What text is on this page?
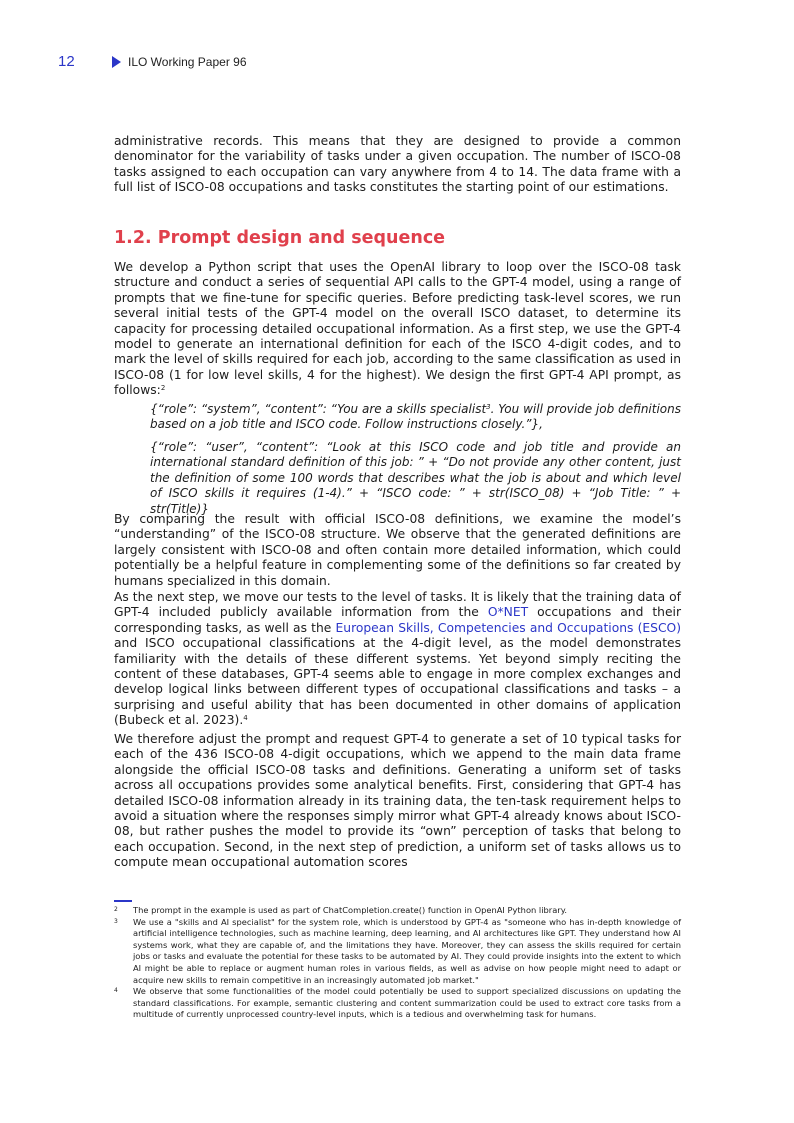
12	ILO Working Paper 96

administrative records. This means that they are designed to provide a common denominator for the variability of tasks under a given occupation. The number of ISCO-08 tasks assigned to each occupation can vary anywhere from 4 to 14. The data frame with a full list of ISCO-08 occupations and tasks constitutes the starting point of our estimations.

1.2. Prompt design and sequence

We develop a Python script that uses the OpenAI library to loop over the ISCO-08 task structure and conduct a series of sequential API calls to the GPT-4 model, using a range of prompts that we fine-tune for specific queries. Before predicting task-level scores, we run several initial tests of the GPT-4 model on the overall ISCO dataset, to determine its capacity for processing detailed occupational information. As a first step, we use the GPT-4 model to generate an international definition for each of the ISCO 4-digit codes, and to mark the level of skills required for each job, according to the same classification as used in ISCO-08 (1 for low level skills, 4 for the highest). We design the first GPT-4 API prompt, as follows:$^2$

{“role”: “system”, “content”: “You are a skills specialist$^3$. You will provide job definitions based on a job title and ISCO code. Follow instructions closely.”},

{“role”: “user”, “content”: “Look at this ISCO code and job title and provide an international standard definition of this job: ” + “Do not provide any other content, just the definition of some 100 words that describes what the job is about and which level of ISCO skills it requires (1-4).” + “ISCO code: ” + str(ISCO_08) + “Job Title: ” + str(Title)}

By comparing the result with official ISCO-08 definitions, we examine the model’s “understanding” of the ISCO-08 structure. We observe that the generated definitions are largely consistent with ISCO-08 and often contain more detailed information, which could potentially be a helpful feature in complementing some of the definitions so far created by humans specialized in this domain.

As the next step, we move our tests to the level of tasks. It is likely that the training data of GPT-4 included publicly available information from the O*NET occupations and their corresponding tasks, as well as the European Skills, Competencies and Occupations (ESCO) and ISCO occupational classifications at the 4-digit level, as the model demonstrates familiarity with the details of these different systems. Yet beyond simply reciting the content of these databases, GPT-4 seems able to engage in more complex exchanges and develop logical links between different types of occupational classifications and tasks – a surprising and useful ability that has been documented in other domains of application (Bubeck et al. 2023).$^4$

We therefore adjust the prompt and request GPT-4 to generate a set of 10 typical tasks for each of the 436 ISCO-08 4-digit occupations, which we append to the main data frame alongside the official ISCO-08 tasks and definitions. Generating a uniform set of tasks across all occupations provides some analytical benefits. First, considering that GPT-4 has detailed ISCO-08 information already in its training data, the ten-task requirement helps to avoid a situation where the responses simply mirror what GPT-4 already knows about ISCO-08, but rather pushes the model to provide its “own” perception of tasks that belong to each occupation. Second, in the next step of prediction, a uniform set of tasks allows us to compute mean occupational automation scores

2	The prompt in the example is used as part of ChatCompletion.create() function in OpenAI Python library.
3	We use a "skills and AI specialist" for the system role, which is understood by GPT-4 as "someone who has in-depth knowledge of artificial intelligence technologies, such as machine learning, deep learning, and AI architectures like GPT. They understand how AI systems work, what they are capable of, and the limitations they have. Moreover, they can assess the skills required for certain jobs or tasks and evaluate the potential for these tasks to be automated by AI. They could provide insights into the extent to which AI might be able to replace or augment human roles in various fields, as well as advise on how people might need to adapt or acquire new skills to remain competitive in an increasingly automated job market."
4	We observe that some functionalities of the model could potentially be used to support specialized discussions on updating the standard classifications. For example, semantic clustering and content summarization could be used to extract core tasks from a multitude of currently unprocessed country-level inputs, which is a tedious and overwhelming task for humans.
